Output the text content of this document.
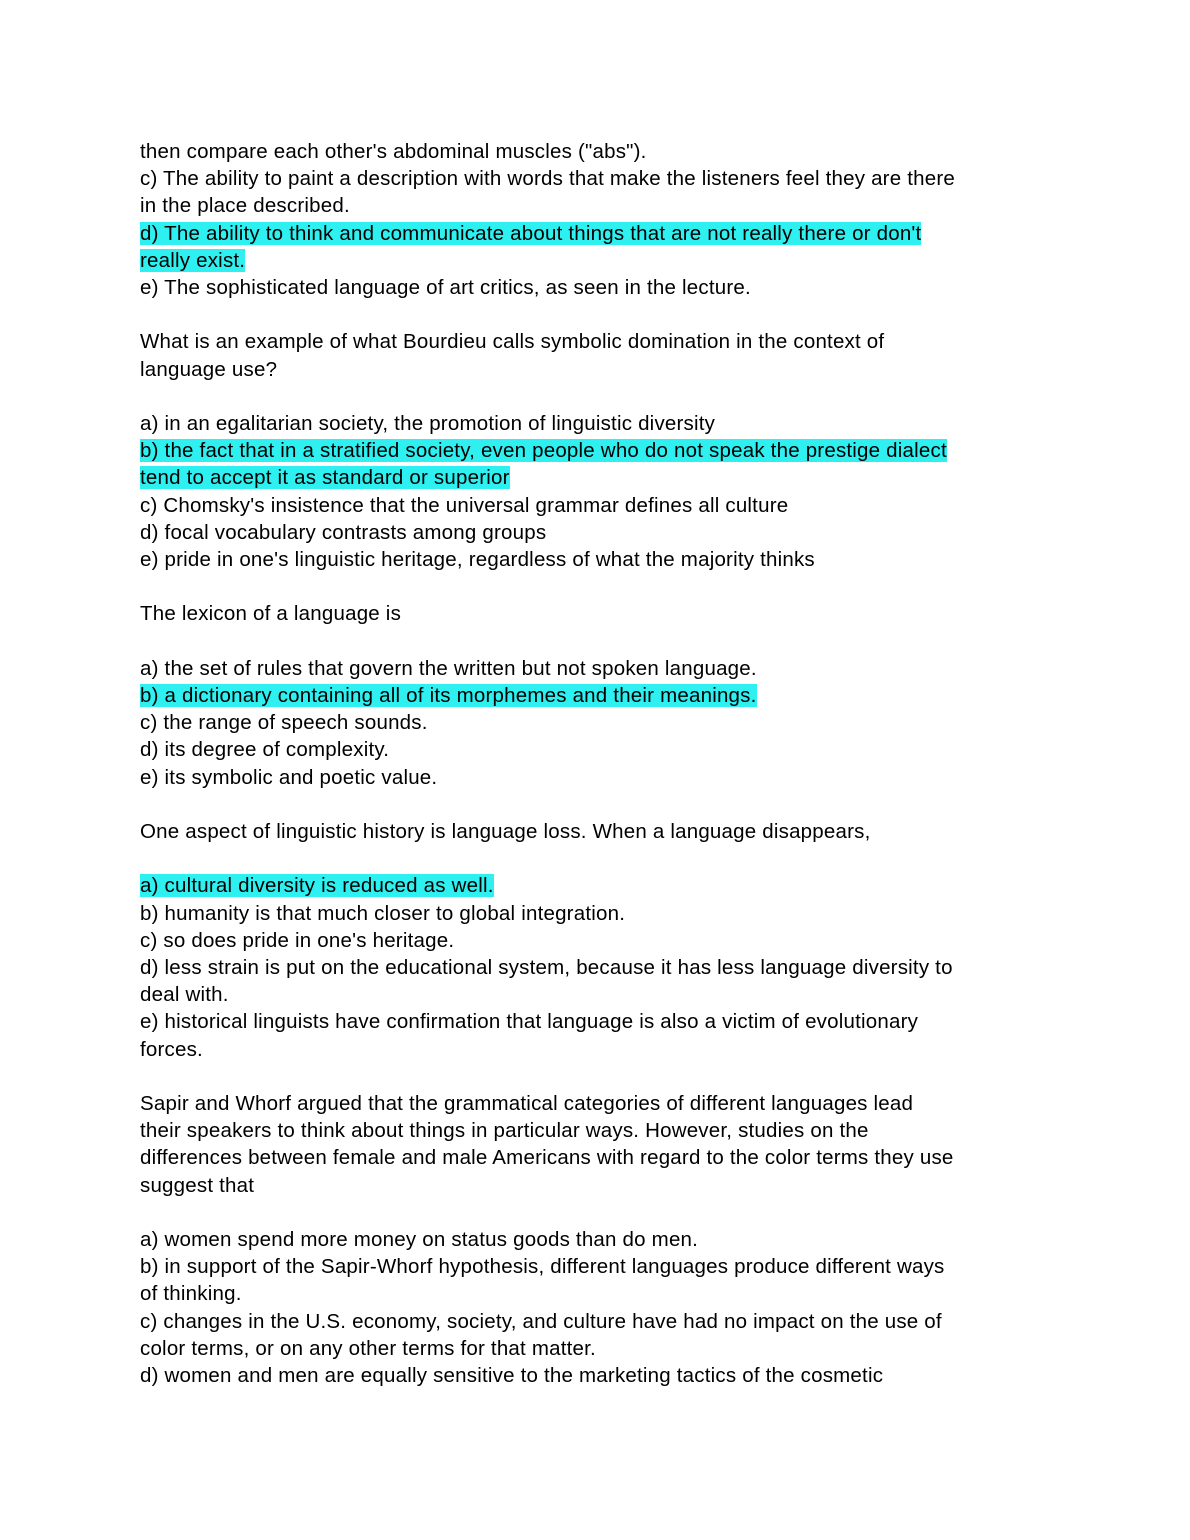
then compare each other's abdominal muscles ("abs").
c) The ability to paint a description with words that make the listeners feel they are there
in the place described.
d) The ability to think and communicate about things that are not really there or don't
really exist.
e) The sophisticated language of art critics, as seen in the lecture.
What is an example of what Bourdieu calls symbolic domination in the context of
language use?
a) in an egalitarian society, the promotion of linguistic diversity
b) the fact that in a stratified society, even people who do not speak the prestige dialect
tend to accept it as standard or superior
c) Chomsky's insistence that the universal grammar defines all culture
d) focal vocabulary contrasts among groups
e) pride in one's linguistic heritage, regardless of what the majority thinks
The lexicon of a language is
a) the set of rules that govern the written but not spoken language.
b) a dictionary containing all of its morphemes and their meanings.
c) the range of speech sounds.
d) its degree of complexity.
e) its symbolic and poetic value.
One aspect of linguistic history is language loss. When a language disappears,
a) cultural diversity is reduced as well.
b) humanity is that much closer to global integration.
c) so does pride in one's heritage.
d) less strain is put on the educational system, because it has less language diversity to
deal with.
e) historical linguists have confirmation that language is also a victim of evolutionary
forces.
Sapir and Whorf argued that the grammatical categories of different languages lead
their speakers to think about things in particular ways. However, studies on the
differences between female and male Americans with regard to the color terms they use
suggest that
a) women spend more money on status goods than do men.
b) in support of the Sapir-Whorf hypothesis, different languages produce different ways
of thinking.
c) changes in the U.S. economy, society, and culture have had no impact on the use of
color terms, or on any other terms for that matter.
d) women and men are equally sensitive to the marketing tactics of the cosmetic
